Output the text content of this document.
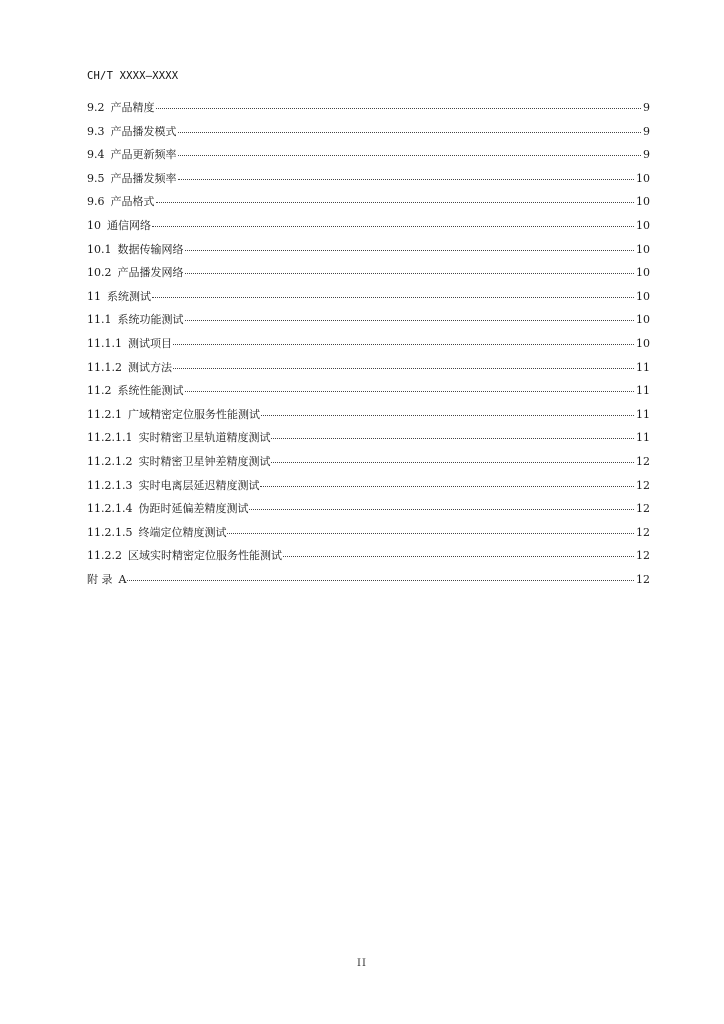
CH/T XXXX—XXXX
9.2 产品精度	9
9.3 产品播发模式	9
9.4 产品更新频率	9
9.5 产品播发频率	10
9.6 产品格式	10
10 通信网络	10
10.1 数据传输网络	10
10.2 产品播发网络	10
11 系统测试	10
11.1 系统功能测试	10
11.1.1 测试项目	10
11.1.2 测试方法	11
11.2 系统性能测试	11
11.2.1 广域精密定位服务性能测试	11
11.2.1.1 实时精密卫星轨道精度测试	11
11.2.1.2 实时精密卫星钟差精度测试	12
11.2.1.3 实时电离层延迟精度测试	12
11.2.1.4 伪距时延偏差精度测试	12
11.2.1.5 终端定位精度测试	12
11.2.2 区域实时精密定位服务性能测试	12
附 录 A	12
II
